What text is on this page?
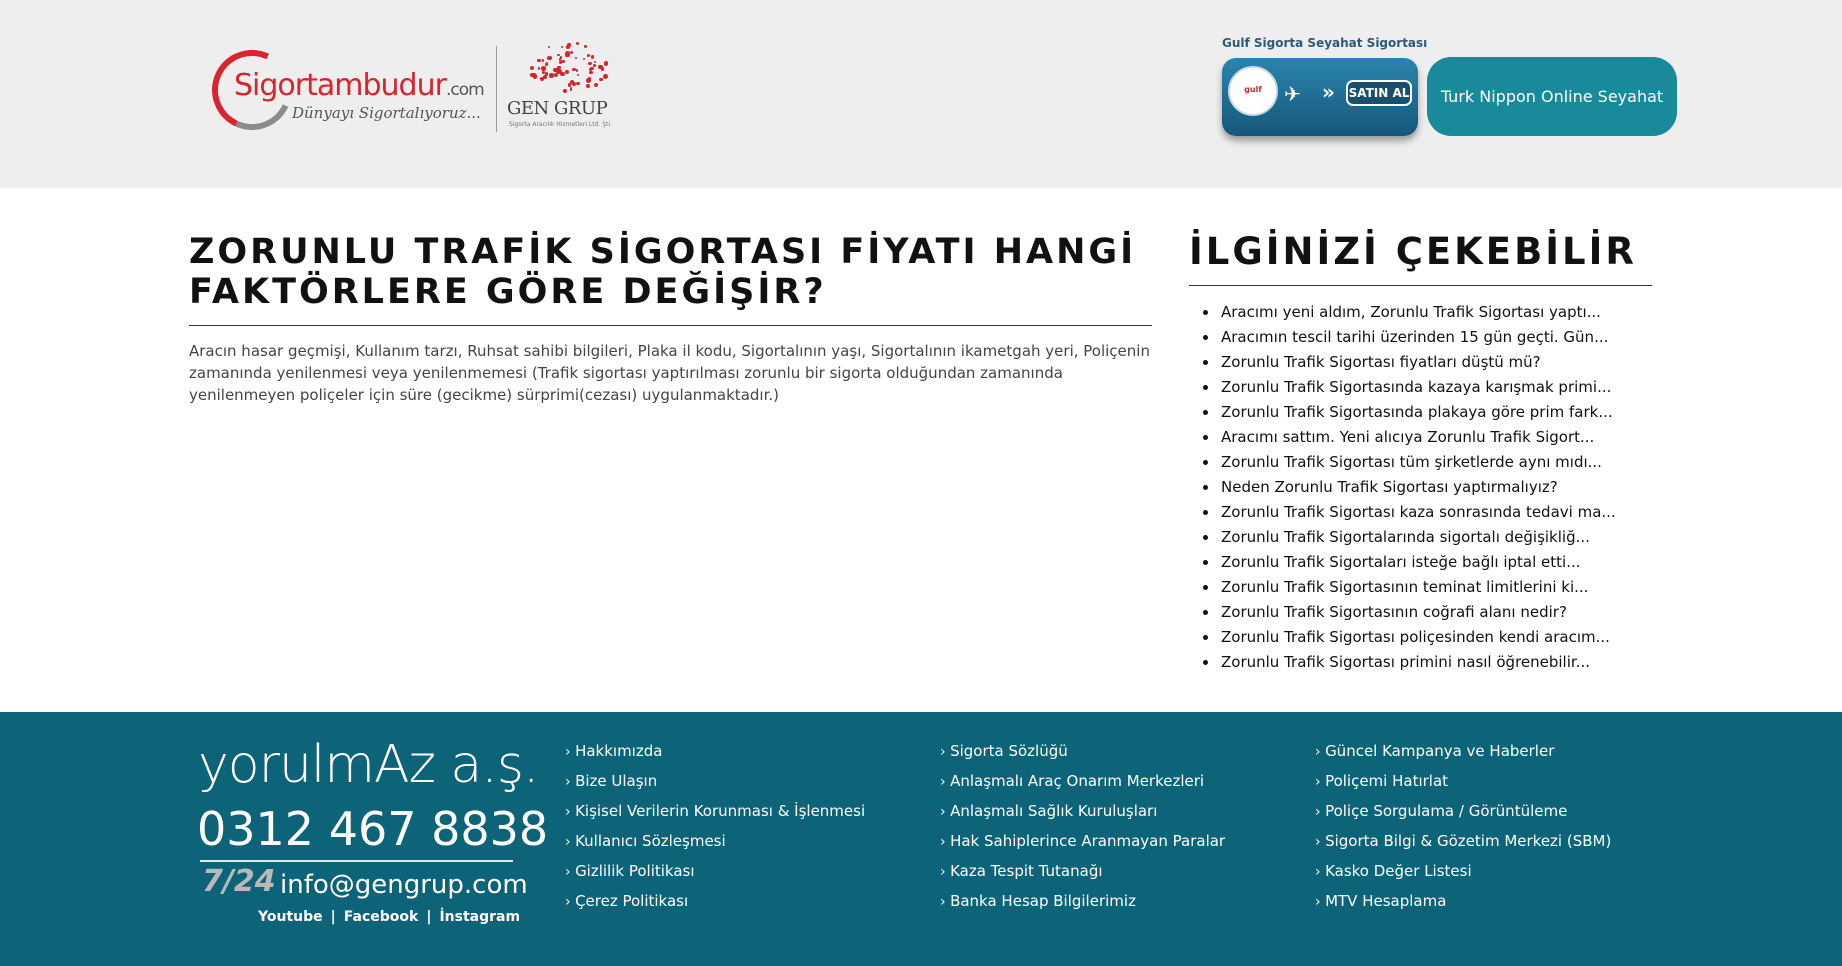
Sigortambudur.com
Dünyayı Sigortalıyoruz... GEN GRUP
Sigorta Aracılık Hizmetleri Ltd. Şti.
Gulf Sigorta Seyahat Sigortası
gulf	✈ » SATIN AL	Turk Nippon Online Seyahat
ZORUNLU TRAFİK SİGORTASI FİYATI HANGİ FAKTÖRLERE GÖRE DEĞİŞİR?

Aracın hasar geçmişi, Kullanım tarzı, Ruhsat sahibi bilgileri, Plaka il kodu, Sigortalının yaşı, Sigortalının ikametgah yeri, Poliçenin zamanında yenilenmesi veya yenilenmemesi (Trafik sigortası yaptırılması zorunlu bir sigorta olduğundan zamanında yenilenmeyen poliçeler için süre (gecikme) sürprimi(cezası) uygulanmaktadır.)

İLGİNİZİ ÇEKEBİLİR
Aracımı yeni aldım, Zorunlu Trafik Sigortası yaptı...
Aracımın tescil tarihi üzerinden 15 gün geçti. Gün...
Zorunlu Trafik Sigortası fiyatları düştü mü?
Zorunlu Trafik Sigortasında kazaya karışmak primi...
Zorunlu Trafik Sigortasında plakaya göre prim fark...
Aracımı sattım. Yeni alıcıya Zorunlu Trafik Sigort...
Zorunlu Trafik Sigortası tüm şirketlerde aynı mıdı...
Neden Zorunlu Trafik Sigortası yaptırmalıyız?
Zorunlu Trafik Sigortası kaza sonrasında tedavi ma...
Zorunlu Trafik Sigortalarında sigortalı değişikliğ...
Zorunlu Trafik Sigortaları isteğe bağlı iptal etti...
Zorunlu Trafik Sigortasının teminat limitlerini ki...
Zorunlu Trafik Sigortasının coğrafi alanı nedir?
Zorunlu Trafik Sigortası poliçesinden kendi aracım...
Zorunlu Trafik Sigortası primini nasıl öğrenebilir...
yorulmAz a.ş.
0312 467 8838
7/24 info@gengrup.com
Youtube | Facebook | İnstagram
› Hakkımızda
› Bize Ulaşın
› Kişisel Verilerin Korunması & İşlenmesi
› Kullanıcı Sözleşmesi
› Gizlilik Politikası
› Çerez Politikası
› Sigorta Sözlüğü
› Anlaşmalı Araç Onarım Merkezleri
› Anlaşmalı Sağlık Kuruluşları
› Hak Sahiplerince Aranmayan Paralar
› Kaza Tespit Tutanağı
› Banka Hesap Bilgilerimiz
› Güncel Kampanya ve Haberler
› Poliçemi Hatırlat
› Poliçe Sorgulama / Görüntüleme
› Sigorta Bilgi & Gözetim Merkezi (SBM)
› Kasko Değer Listesi
› MTV Hesaplama
